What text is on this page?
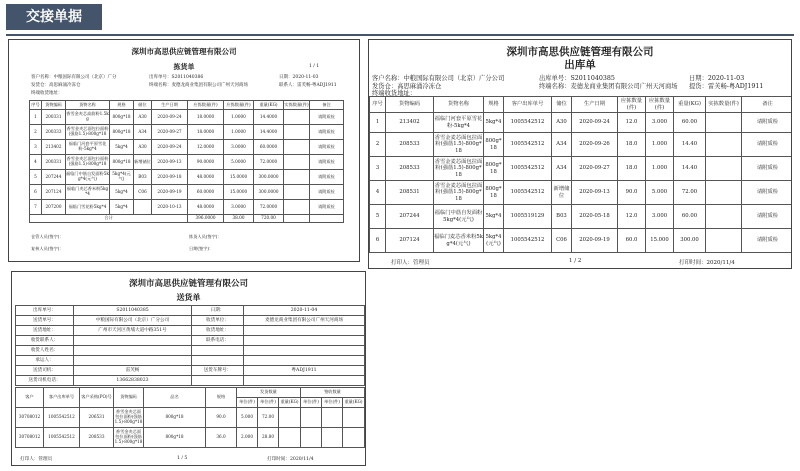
交接单据
深圳市高思供应链管理有限公司
拣货单	1 / 1
客户名称：中粮国际有限公司（北京）广分	出库单号：S2011040386	日期：2020-11-03
发货仓：高思麻涌冷冻仓	终端名称：麦德龙商业集团有限公司广州天河商场	联系人：雷芙畅-粤ADJ1911
终端收货地址：
序号	货物编码	货物名称	规格	储位	生产日期	应拣数量(件)	应拣数量(件)	重量(KG)	实拣数量(件)	备注
1	200331	香雪金麦芯高筋粉1.5kg	800g*18	A30	2020-09-24	18.0000	1.0000	14.4000		请附质检
2	200333	香雪金麦芯面包拉面粉(强筋1.5)-800g*18	800g*18	A34	2020-09-27	18.0000	1.0000	14.4000		请附质检
3	213402	福临门河套平原雪花粉-5kg*4	5kg*4	A30	2020-09-24	12.0000	3.0000	60.0000		请附质检
4	200331	香雪金麦芯面包拉面粉(强筋1.5)-800g*18	800g*18	新增储位	2020-09-13	90.0000	5.0000	72.0000		请附质检
5	207244	福临门中筋自发面粉5kg*4(元气)	5kg*4(元气)	B03	2020-09-18	48.0000	15.0000	300.0000		请附质检
6	207124	福临门麦芯香米粉5kg*4	5kg*4	C06	2020-09-19	60.0000	15.0000	300.0000		请附质检
7	207200	福临门雪花粉5kg*4	5kg*4		2020-10-13	48.0000	3.0000	72.0000		请附质检
合计						396.0000	38.00	720.00		
仓管人员(签字)：	拣货人员(签字)：
复核人员(签字)：	日期(签字)：
深圳市高思供应链管理有限公司
出库单
客户名称：中粮国际有限公司（北京）广分公司	出库单号：S2011040385	日期：2020-11-03
发货仓：高思麻涌冷冻仓	终端名称：麦德龙商业集团有限公司广州天河商场 提货：雷芙畅-粤ADJ1911
终端收货地址：
序号	货物编码	货物名称	规格	客户出库单号	储位	生产日期	应拣数量(件)	应拣数量(件)	重量(KG)	实拣数量(件)	备注
1	213402	福临门河套平原雪花粉-5kg*4	5kg*4	1005542512	A30	2020-09-24	12.0	3.000	60.00		请附质检
2	208533	香雪金麦芯面包拉面粉(强筋1.5)-800g*18	800g*18	1005542512	A34	2020-09-26	18.0	1.000	14.40		请附质检
3	208533	香雪金麦芯面包拉面粉(强筋1.5)-800g*18	800g*18	1005542512	A34	2020-09-27	18.0	1.000	14.40		请附质检
4	208531	香雪金麦芯面包拉面粉(强筋1.5)-800g*18	800g*18	1005542512	新增储位	2020-09-13	90.0	5.000	72.00		请附质检
5	207244	福临门中筋自发面粉5kg*4(元气)	5kg*4	1005519129	B03	2020-05-18	12.0	3.000	60.00		请附质检
6	207124	福临门麦芯香米粉5kg*4(元气)	5kg*4(元气)	1005542512	C06	2020-09-19	60.0	15.000	300.00		请附质检
打印人：管理员	1 / 2	打印时间：2020/11/4
深圳市高思供应链管理有限公司
送货单
出库单号：	S2011040385	日期：	2020-11-04
送货单号：	中粮国际有限公司（北京）广分公司	收货单位：	麦德龙商业集团有限公司广州天河商场
送货地址：	广州市天河区黄埔大道中路351号	收货地址：	
收货联系人：		联系电话：	
收货人姓名：			
承运人：			
送货司机：	雷芙畅	送货车牌号：	粤ADJ1911
送货司机电话：	13662838023		
客户	客户出库单号	客户采购(PO)号	货物编码	品名	规格	发货数量			签收数量		
						单位(件)	单位(件)	重量(KG)	单位(件)	单位(件)	重量(KG)
30708012	1005542512	206531	香雪金麦芯面包拉面粉(强筋1.5)-800g*18	800g*18	90.0	5.000	72.00				
30708012	1005542512	208533	香雪金麦芯面包拉面粉(强筋1.5)-800g*18	800g*18	36.0	2.000	28.80				
打印人：管理员	1 / 5	打印时间：2020/11/4
